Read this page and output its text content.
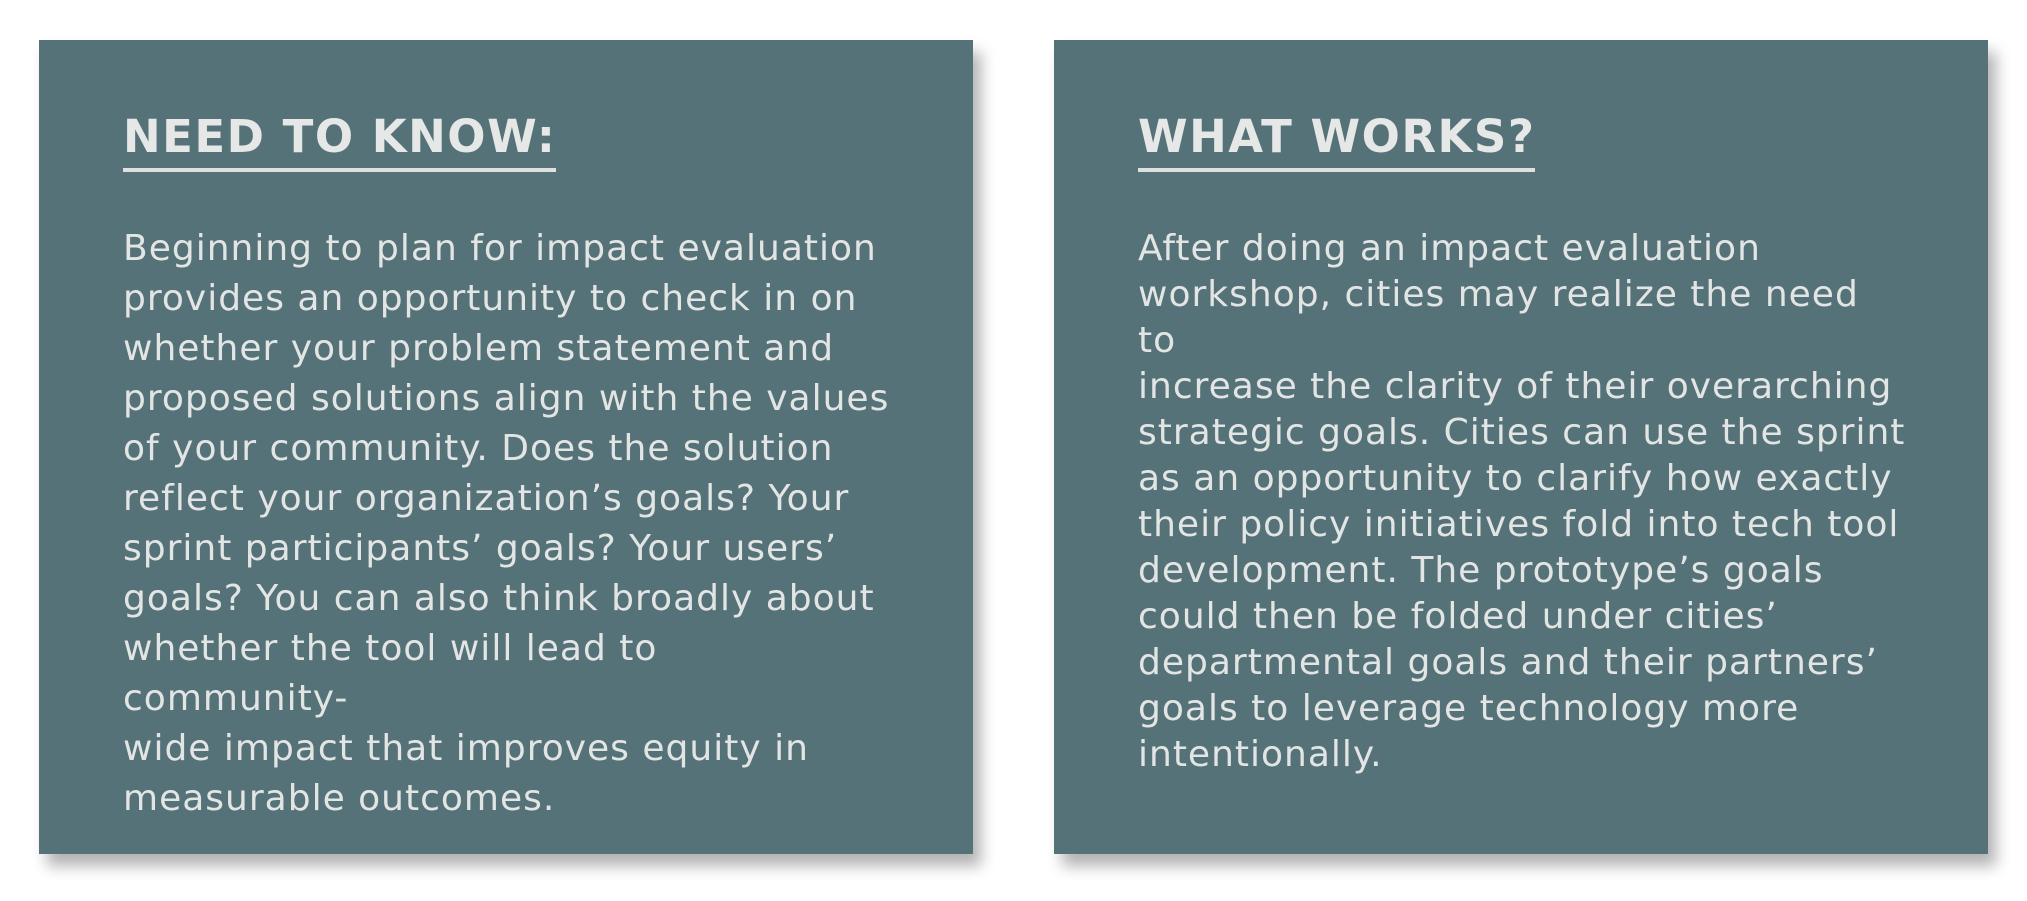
NEED TO KNOW:

Beginning to plan for impact evaluation
provides an opportunity to check in on
whether your problem statement and
proposed solutions align with the values
of your community. Does the solution
reflect your organization’s goals? Your
sprint participants’ goals? Your users’
goals? You can also think broadly about
whether the tool will lead to community-
wide impact that improves equity in
measurable outcomes.

WHAT WORKS?

After doing an impact evaluation
workshop, cities may realize the need to
increase the clarity of their overarching
strategic goals. Cities can use the sprint
as an opportunity to clarify how exactly
their policy initiatives fold into tech tool
development. The prototype’s goals
could then be folded under cities’
departmental goals and their partners’
goals to leverage technology more
intentionally.
